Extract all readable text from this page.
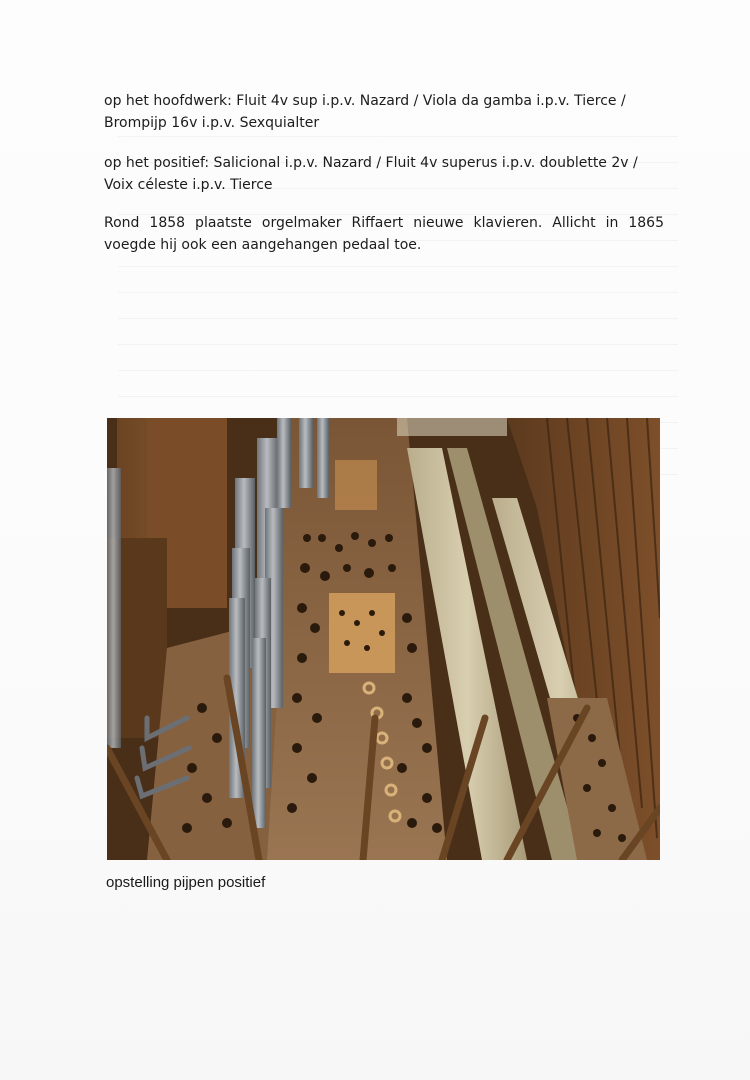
op het hoofdwerk: Fluit 4v sup i.p.v. Nazard / Viola da gamba i.p.v. Tierce / Brompijp 16v i.p.v. Sexquialter

op het positief: Salicional i.p.v. Nazard / Fluit 4v superus i.p.v. doublette 2v / Voix céleste i.p.v. Tierce

Rond 1858 plaatste orgelmaker Riffaert nieuwe klavieren. Allicht in 1865 voegde hij ook een aangehangen pedaal toe.

opstelling pijpen positief
